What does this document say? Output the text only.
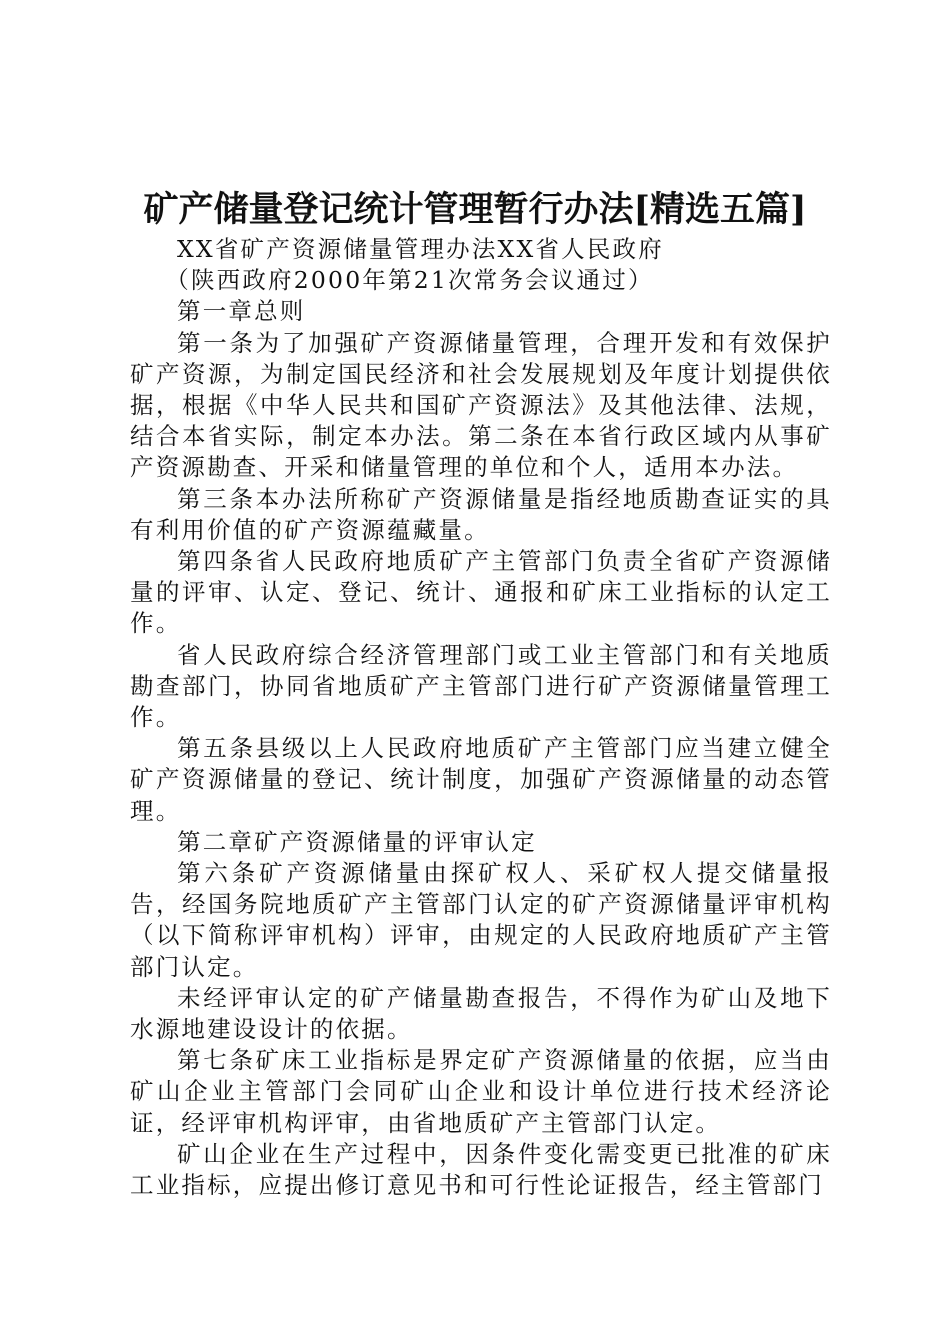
矿产储量登记统计管理暂行办法[精选五篇]

XX省矿产资源储量管理办法XX省人民政府

（陕西政府2000年第21次常务会议通过）

第一章总则

第一条为了加强矿产资源储量管理，合理开发和有效保护矿产资源，为制定国民经济和社会发展规划及年度计划提供依据，根据《中华人民共和国矿产资源法》及其他法律、法规，结合本省实际，制定本办法。第二条在本省行政区域内从事矿产资源勘查、开采和储量管理的单位和个人，适用本办法。

第三条本办法所称矿产资源储量是指经地质勘查证实的具有利用价值的矿产资源蕴藏量。

第四条省人民政府地质矿产主管部门负责全省矿产资源储量的评审、认定、登记、统计、通报和矿床工业指标的认定工作。

省人民政府综合经济管理部门或工业主管部门和有关地质勘查部门，协同省地质矿产主管部门进行矿产资源储量管理工作。

第五条县级以上人民政府地质矿产主管部门应当建立健全矿产资源储量的登记、统计制度，加强矿产资源储量的动态管理。

第二章矿产资源储量的评审认定

第六条矿产资源储量由探矿权人、采矿权人提交储量报告，经国务院地质矿产主管部门认定的矿产资源储量评审机构（以下简称评审机构）评审，由规定的人民政府地质矿产主管部门认定。

未经评审认定的矿产储量勘查报告，不得作为矿山及地下水源地建设设计的依据。

第七条矿床工业指标是界定矿产资源储量的依据，应当由矿山企业主管部门会同矿山企业和设计单位进行技术经济论证，经评审机构评审，由省地质矿产主管部门认定。

矿山企业在生产过程中，因条件变化需变更已批准的矿床工业指标，应提出修订意见书和可行性论证报告，经主管部门
